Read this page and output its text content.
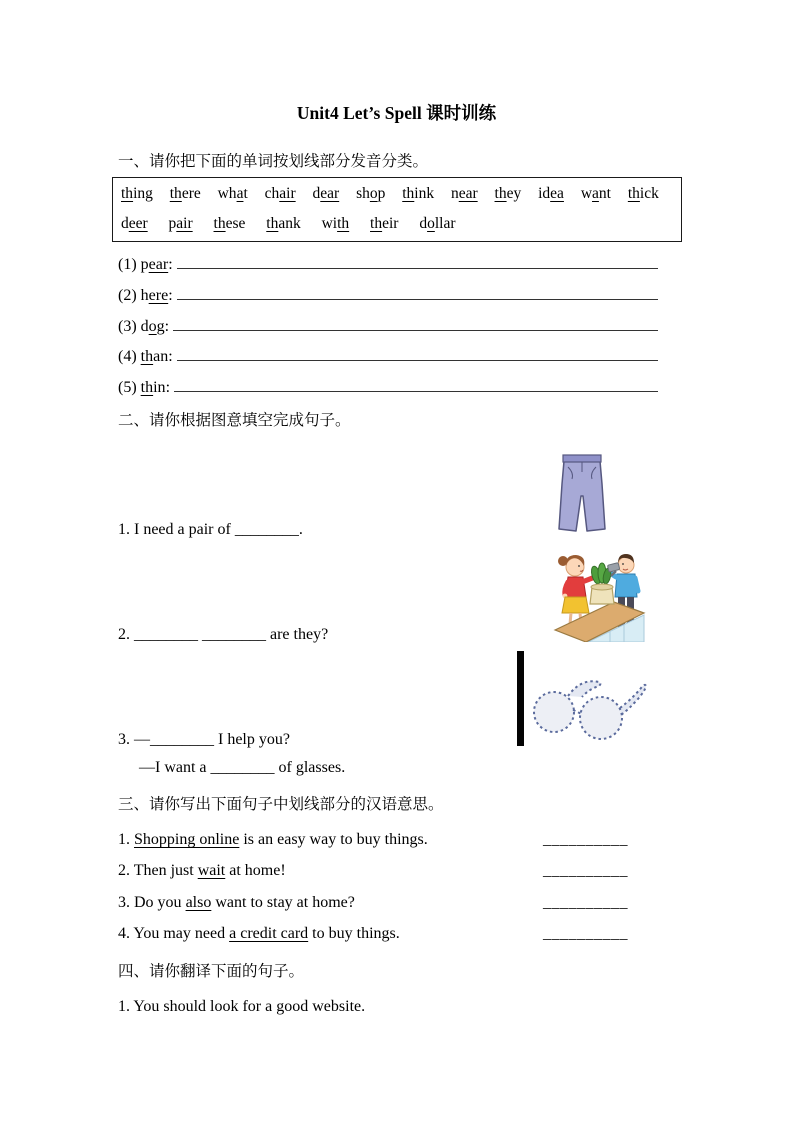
Unit4 Let’s Spell 课时训练
一、请你把下面的单词按划线部分发音分类。
thing there what chair dear shop think near they idea want thick
deer pair these thank with their dollar
(1) p ear :
(2) h ere :
(3) d o g :
(4) th an :
(5) th in :
二、请你根据图意填空完成句子。
1. I need a pair of ________.
2. ________ ________ are they?
3. —________ I help you?
—I want a ________ of glasses.
三、请你写出下面句子中划线部分的汉语意思。
1. Shopping online is an easy way to buy things.	__________
2. Then just wait at home!	__________
3. Do you also want to stay at home?	__________
4. You may need a credit card to buy things.	__________
四、请你翻译下面的句子。
1. You should look for a good website.
